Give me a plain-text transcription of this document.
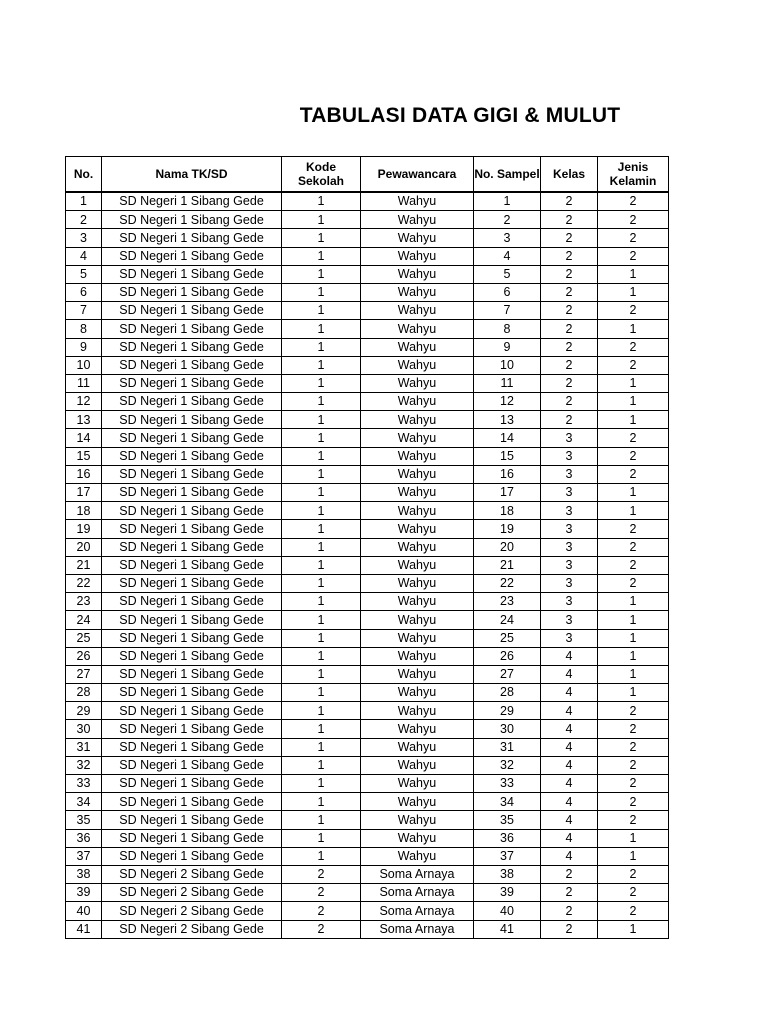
TABULASI DATA GIGI & MULUT
No.	Nama TK/SD	Kode Sekolah	Pewawancara	No. Sampel	Kelas	Jenis Kelamin
1	SD Negeri 1 Sibang Gede	1	Wahyu	1	2	2
2	SD Negeri 1 Sibang Gede	1	Wahyu	2	2	2
3	SD Negeri 1 Sibang Gede	1	Wahyu	3	2	2
4	SD Negeri 1 Sibang Gede	1	Wahyu	4	2	2
5	SD Negeri 1 Sibang Gede	1	Wahyu	5	2	1
6	SD Negeri 1 Sibang Gede	1	Wahyu	6	2	1
7	SD Negeri 1 Sibang Gede	1	Wahyu	7	2	2
8	SD Negeri 1 Sibang Gede	1	Wahyu	8	2	1
9	SD Negeri 1 Sibang Gede	1	Wahyu	9	2	2
10	SD Negeri 1 Sibang Gede	1	Wahyu	10	2	2
11	SD Negeri 1 Sibang Gede	1	Wahyu	11	2	1
12	SD Negeri 1 Sibang Gede	1	Wahyu	12	2	1
13	SD Negeri 1 Sibang Gede	1	Wahyu	13	2	1
14	SD Negeri 1 Sibang Gede	1	Wahyu	14	3	2
15	SD Negeri 1 Sibang Gede	1	Wahyu	15	3	2
16	SD Negeri 1 Sibang Gede	1	Wahyu	16	3	2
17	SD Negeri 1 Sibang Gede	1	Wahyu	17	3	1
18	SD Negeri 1 Sibang Gede	1	Wahyu	18	3	1
19	SD Negeri 1 Sibang Gede	1	Wahyu	19	3	2
20	SD Negeri 1 Sibang Gede	1	Wahyu	20	3	2
21	SD Negeri 1 Sibang Gede	1	Wahyu	21	3	2
22	SD Negeri 1 Sibang Gede	1	Wahyu	22	3	2
23	SD Negeri 1 Sibang Gede	1	Wahyu	23	3	1
24	SD Negeri 1 Sibang Gede	1	Wahyu	24	3	1
25	SD Negeri 1 Sibang Gede	1	Wahyu	25	3	1
26	SD Negeri 1 Sibang Gede	1	Wahyu	26	4	1
27	SD Negeri 1 Sibang Gede	1	Wahyu	27	4	1
28	SD Negeri 1 Sibang Gede	1	Wahyu	28	4	1
29	SD Negeri 1 Sibang Gede	1	Wahyu	29	4	2
30	SD Negeri 1 Sibang Gede	1	Wahyu	30	4	2
31	SD Negeri 1 Sibang Gede	1	Wahyu	31	4	2
32	SD Negeri 1 Sibang Gede	1	Wahyu	32	4	2
33	SD Negeri 1 Sibang Gede	1	Wahyu	33	4	2
34	SD Negeri 1 Sibang Gede	1	Wahyu	34	4	2
35	SD Negeri 1 Sibang Gede	1	Wahyu	35	4	2
36	SD Negeri 1 Sibang Gede	1	Wahyu	36	4	1
37	SD Negeri 1 Sibang Gede	1	Wahyu	37	4	1
38	SD Negeri 2 Sibang Gede	2	Soma Arnaya	38	2	2
39	SD Negeri 2 Sibang Gede	2	Soma Arnaya	39	2	2
40	SD Negeri 2 Sibang Gede	2	Soma Arnaya	40	2	2
41	SD Negeri 2 Sibang Gede	2	Soma Arnaya	41	2	1
